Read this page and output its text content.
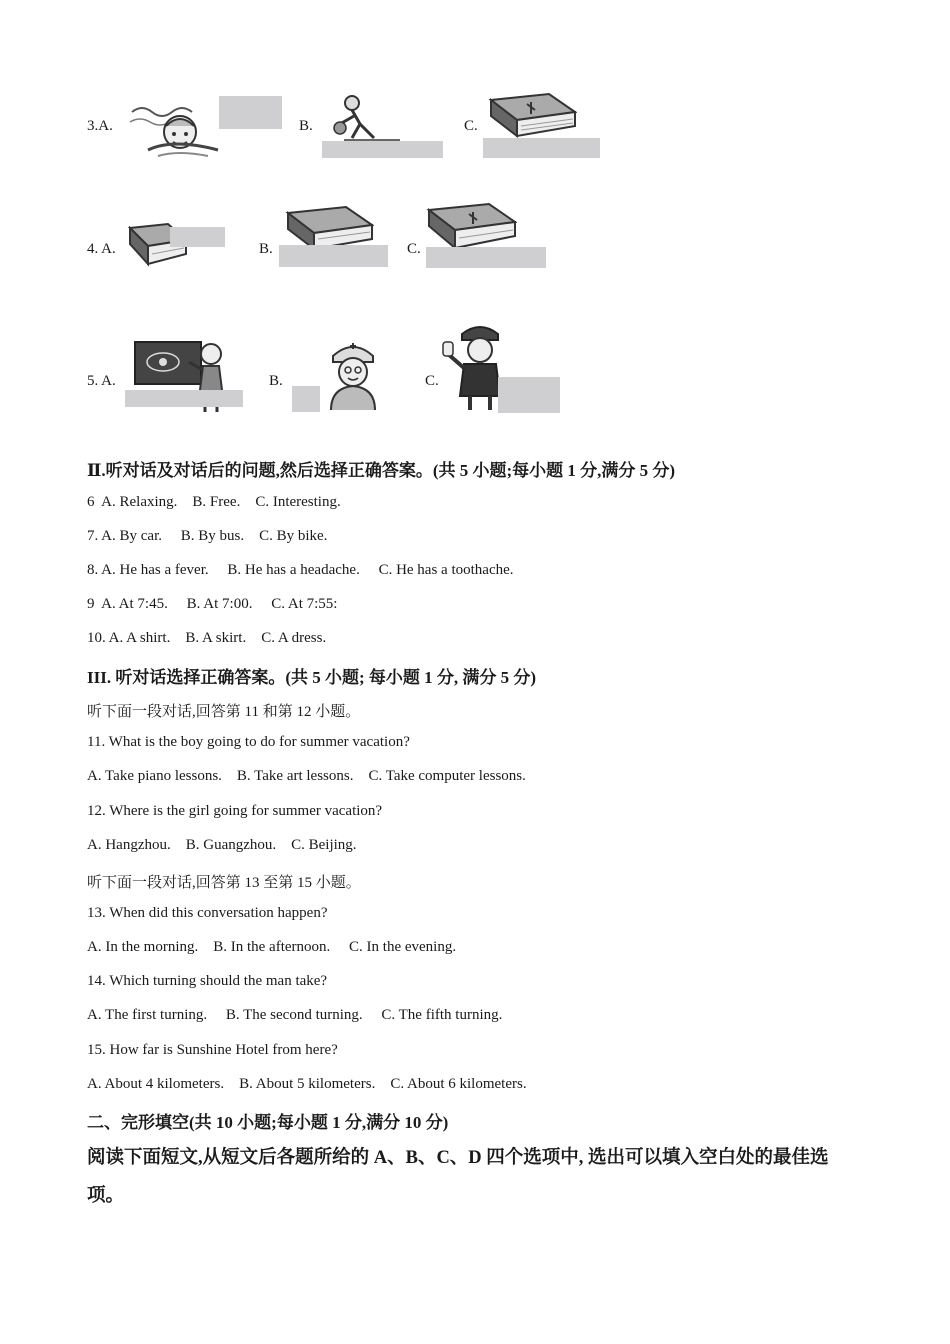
3.A.	B.	C.
4. A.	B.	C.
5. A.	B.	C.
Ⅱ.听对话及对话后的问题,然后选择正确答案。(共 5 小题;每小题 1 分,满分 5 分)
6  A. Relaxing.    B. Free.    C. Interesting.
7. A. By car.     B. By bus.    C. By bike.
8. A. He has a fever.     B. He has a headache.     C. He has a toothache.
9  A. At 7:45.     B. At 7:00.     C. At 7:55:
10. A. A shirt.    B. A skirt.    C. A dress.
III. 听对话选择正确答案。(共 5 小题; 每小题 1 分, 满分 5 分)
听下面一段对话,回答第 11 和第 12 小题。
11. What is the boy going to do for summer vacation?
A. Take piano lessons.    B. Take art lessons.    C. Take computer lessons.
12. Where is the girl going for summer vacation?
A. Hangzhou.    B. Guangzhou.    C. Beijing.
听下面一段对话,回答第 13 至第 15 小题。
13. When did this conversation happen?
A. In the morning.    B. In the afternoon.     C. In the evening.
14. Which turning should the man take?
A. The first turning.     B. The second turning.     C. The fifth turning.
15. How far is Sunshine Hotel from here?
A. About 4 kilometers.    B. About 5 kilometers.    C. About 6 kilometers.
二、完形填空(共 10 小题;每小题 1 分,满分 10 分)
阅读下面短文,从短文后各题所给的 A、B、C、D 四个选项中, 选出可以填入空白处的最佳选
项。
